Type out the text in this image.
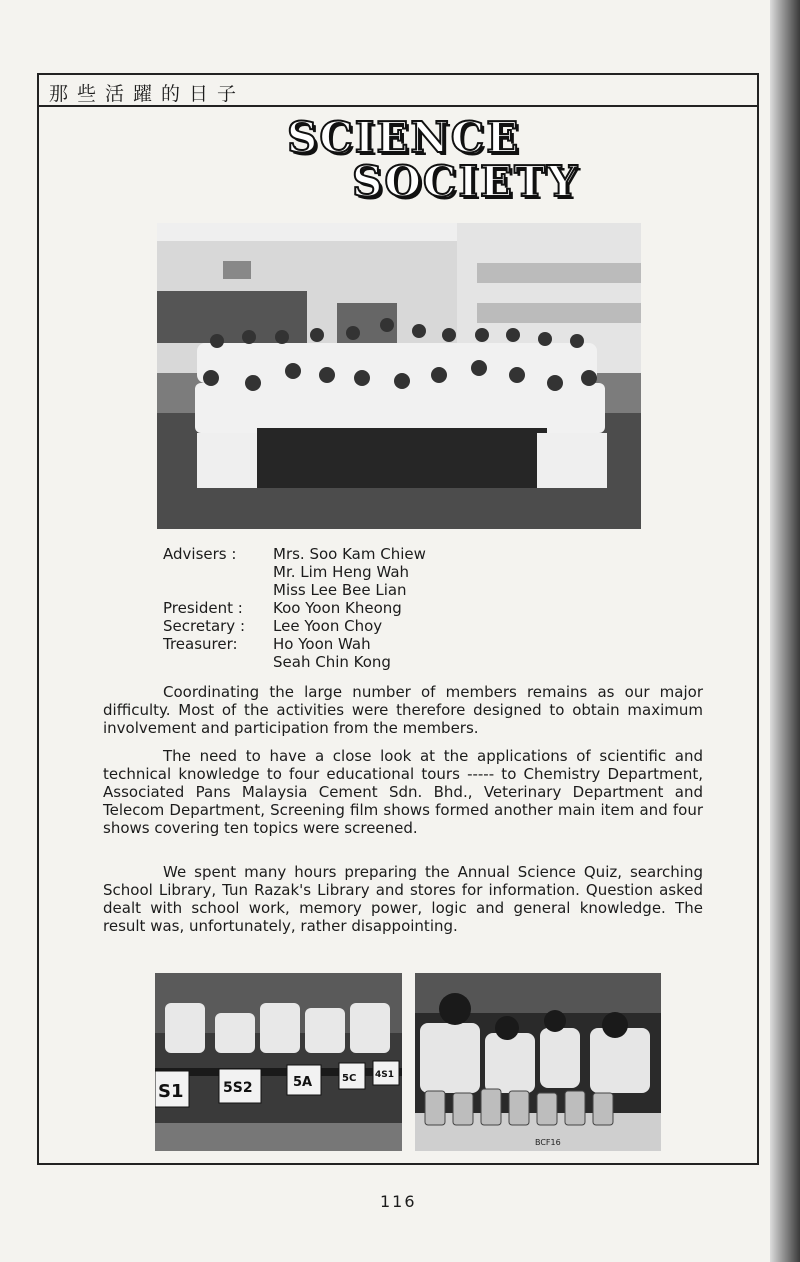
那些活躍的日子
SCIENCE
SOCIETY
Advisers :	Mrs. Soo Kam Chiew
Mr. Lim Heng Wah
Miss Lee Bee Lian
President :	Koo Yoon Kheong
Secretary :	Lee Yoon Choy
Treasurer:	Ho Yoon Wah
Seah Chin Kong

Coordinating the large number of members remains as our major difficulty. Most of the activities were therefore designed to obtain maximum involvement and participation from the members.

The need to have a close look at the applications of scientific and technical knowledge to four educational tours ----- to Chemistry Department, Associated Pans Malaysia Cement Sdn. Bhd., Veterinary Department and Telecom Department, Screening film shows formed another main item and four shows covering ten topics were screened.

We spent many hours preparing the Annual Science Quiz, searching School Library, Tun Razak's Library and stores for information. Question asked dealt with school work, memory power, logic and general knowledge. The result was, unfortunately, rather disappointing.

S1	5S2	5A	5C 4S1
BCF16
116
